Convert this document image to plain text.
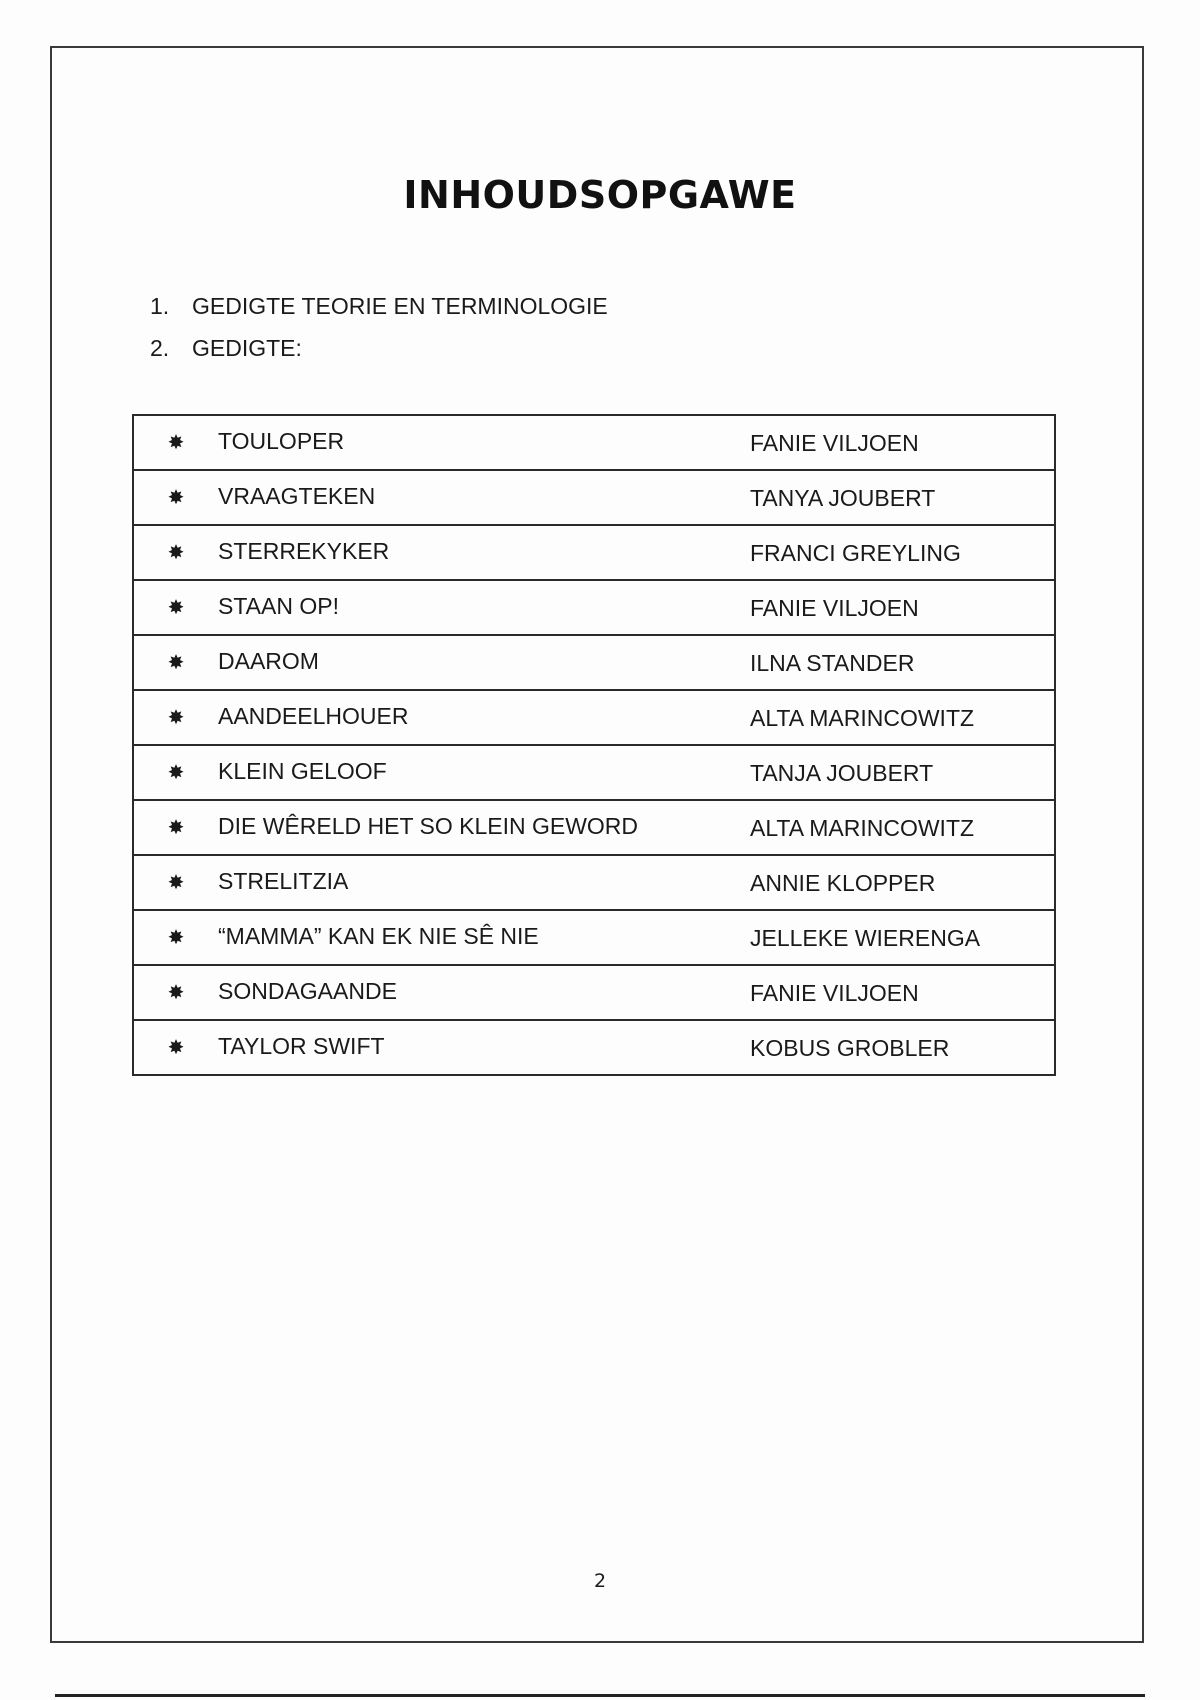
INHOUDSOPGAWE
1. GEDIGTE TEORIE EN TERMINOLOGIE
2. GEDIGTE:
✸	TOULOPER	FANIE VILJOEN
✸	VRAAGTEKEN	TANYA JOUBERT
✸	STERREKYKER	FRANCI GREYLING
✸	STAAN OP!	FANIE VILJOEN
✸	DAAROM	ILNA STANDER
✸	AANDEELHOUER	ALTA MARINCOWITZ
✸	KLEIN GELOOF	TANJA JOUBERT
✸	DIE WÊRELD HET SO KLEIN GEWORD	ALTA MARINCOWITZ
✸	STRELITZIA	ANNIE KLOPPER
✸	“MAMMA” KAN EK NIE SÊ NIE	JELLEKE WIERENGA
✸	SONDAGAANDE	FANIE VILJOEN
✸	TAYLOR SWIFT	KOBUS GROBLER
2
